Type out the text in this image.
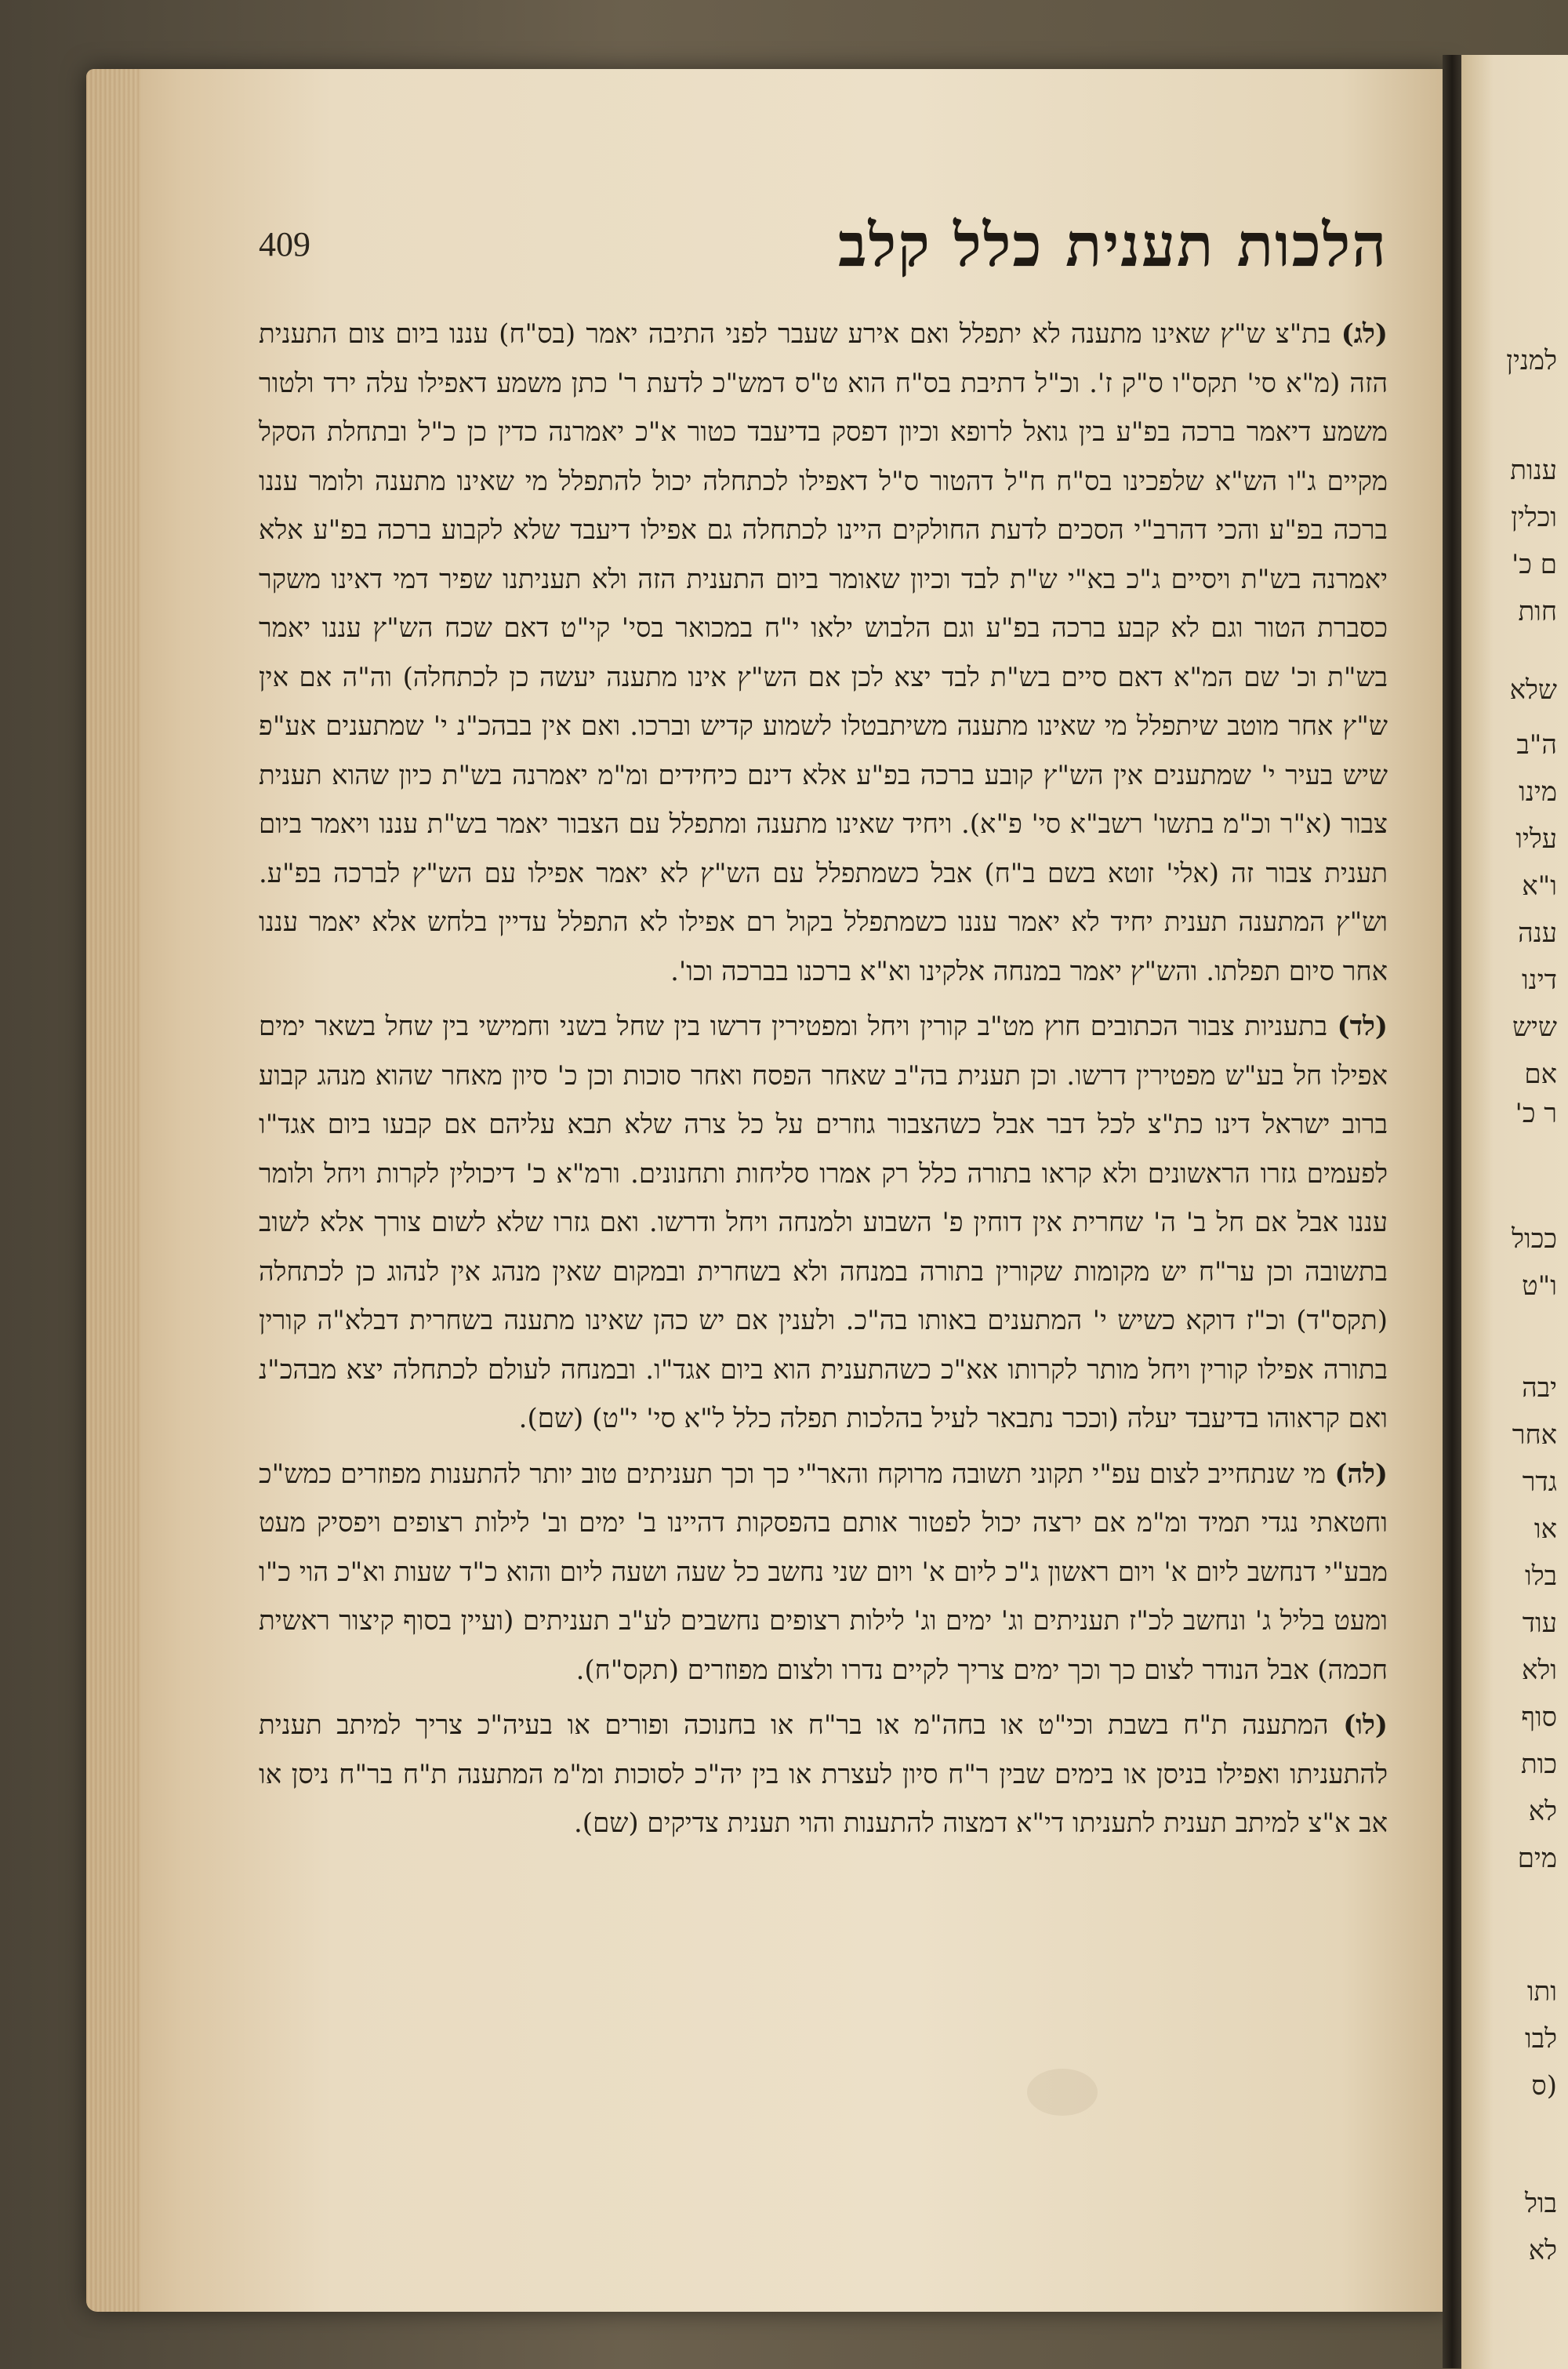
למנין
ענות
וכלין
ם כ'
חות
שלא
ה"ב
מינו
עליו
ו"א
ענה
דינו
שיש
אם
ר כ'
ככול
ו"ט
יבה
אחר
גדר
או
בלו
עוד
ולא
סוף
כות
לא
מים
ותו
לבו
(ס
בול
לא
409	הלכות תענית כלל קלב

(לג) בת"צ ש"ץ שאינו מתענה לא יתפלל ואם אירע שעבר לפני התיבה יאמר (בס"ח) עננו ביום צום התענית הזה (מ"א סי' תקס"ו ס"ק ז'. וכ"ל דתיבת בס"ח הוא ט"ס דמש"כ לדעת ר' כתן משמע דאפילו עלה ירד ולטור משמע דיאמר ברכה בפ"ע בין גואל לרופא וכיון דפסק בדיעבד כטור א"כ יאמרנה כדין כן כ"ל ובתחלת הסקל מקיים ג"ו הש"א שלפכינו בס"ח ח"ל דהטור ס"ל דאפילו לכתחלה יכול להתפלל מי שאינו מתענה ולומר עננו ברכה בפ"ע והכי דהרב"י הסכים לדעת החולקים היינו לכתחלה גם אפילו דיעבד שלא לקבוע ברכה בפ"ע אלא יאמרנה בש"ת ויסיים ג"כ בא"י ש"ת לבד וכיון שאומר ביום התענית הזה ולא תעניתנו שפיר דמי דאינו משקר כסברת הטור וגם לא קבע ברכה בפ"ע וגם הלבוש ילאו י"ח במכואר בסי' קי"ט דאם שכח הש"ץ עננו יאמר בש"ת וכ' שם המ"א דאם סיים בש"ת לבד יצא לכן אם הש"ץ אינו מתענה יעשה כן לכתחלה) וה"ה אם אין ש"ץ אחר מוטב שיתפלל מי שאינו מתענה משיתבטלו לשמוע קדיש וברכו. ואם אין בבהכ"נ י' שמתענים אע"פ שיש בעיר י' שמתענים אין הש"ץ קובע ברכה בפ"ע אלא דינם כיחידים ומ"מ יאמרנה בש"ת כיון שהוא תענית צבור (א"ר וכ"מ בתשו' רשב"א סי' פ"א). ויחיד שאינו מתענה ומתפלל עם הצבור יאמר בש"ת עננו ויאמר ביום תענית צבור זה (אלי' זוטא בשם ב"ח) אבל כשמתפלל עם הש"ץ לא יאמר אפילו עם הש"ץ לברכה בפ"ע. וש"ץ המתענה תענית יחיד לא יאמר עננו כשמתפלל בקול רם אפילו לא התפלל עדיין בלחש אלא יאמר עננו אחר סיום תפלתו. והש"ץ יאמר במנחה אלקינו וא"א ברכנו בברכה וכו'.

(לד) בתעניות צבור הכתובים חוץ מט"ב קורין ויחל ומפטירין דרשו בין שחל בשני וחמישי בין שחל בשאר ימים אפילו חל בע"ש מפטירין דרשו. וכן תענית בה"ב שאחר הפסח ואחר סוכות וכן כ' סיון מאחר שהוא מנהג קבוע ברוב ישראל דינו כת"צ לכל דבר אבל כשהצבור גוזרים על כל צרה שלא תבא עליהם אם קבעו ביום אגד"ו לפעמים גזרו הראשונים ולא קראו בתורה כלל רק אמרו סליחות ותחנונים. ורמ"א כ' דיכולין לקרות ויחל ולומר עננו אבל אם חל ב' ה' שחרית אין דוחין פ' השבוע ולמנחה ויחל ודרשו. ואם גזרו שלא לשום צורך אלא לשוב בתשובה וכן ער"ח יש מקומות שקורין בתורה במנחה ולא בשחרית ובמקום שאין מנהג אין לנהוג כן לכתחלה (תקס"ד) וכ"ז דוקא כשיש י' המתענים באותו בה"כ. ולענין אם יש כהן שאינו מתענה בשחרית דבלא"ה קורין בתורה אפילו קורין ויחל מותר לקרותו אא"כ כשהתענית הוא ביום אגד"ו. ובמנחה לעולם לכתחלה יצא מבהכ"נ ואם קראוהו בדיעבד יעלה (וככר נתבאר לעיל בהלכות תפלה כלל ל"א סי' י"ט) (שם).

(לה) מי שנתחייב לצום עפ"י תקוני תשובה מרוקח והאר"י כך וכך תעניתים טוב יותר להתענות מפוזרים כמש"כ וחטאתי נגדי תמיד ומ"מ אם ירצה יכול לפטור אותם בהפסקות דהיינו ב' ימים וב' לילות רצופים ויפסיק מעט מבע"י דנחשב ליום א' ויום ראשון ג"כ ליום א' ויום שני נחשב כל שעה ושעה ליום והוא כ"ד שעות וא"כ הוי כ"ו ומעט בליל ג' ונחשב לכ"ז תעניתים וג' ימים וג' לילות רצופים נחשבים לע"ב תעניתים (ועיין בסוף קיצור ראשית חכמה) אבל הנודר לצום כך וכך ימים צריך לקיים נדרו ולצום מפוזרים (תקס"ח).

(לו) המתענה ת"ח בשבת וכי"ט או בחה"מ או בר"ח או בחנוכה ופורים או בעיה"כ צריך למיתב תענית להתעניתו ואפילו בניסן או בימים שבין ר"ח סיון לעצרת או בין יה"כ לסוכות ומ"מ המתענה ת"ח בר"ח ניסן או אב א"צ למיתב תענית לתעניתו די"א דמצוה להתענות והוי תענית צדיקים (שם).
